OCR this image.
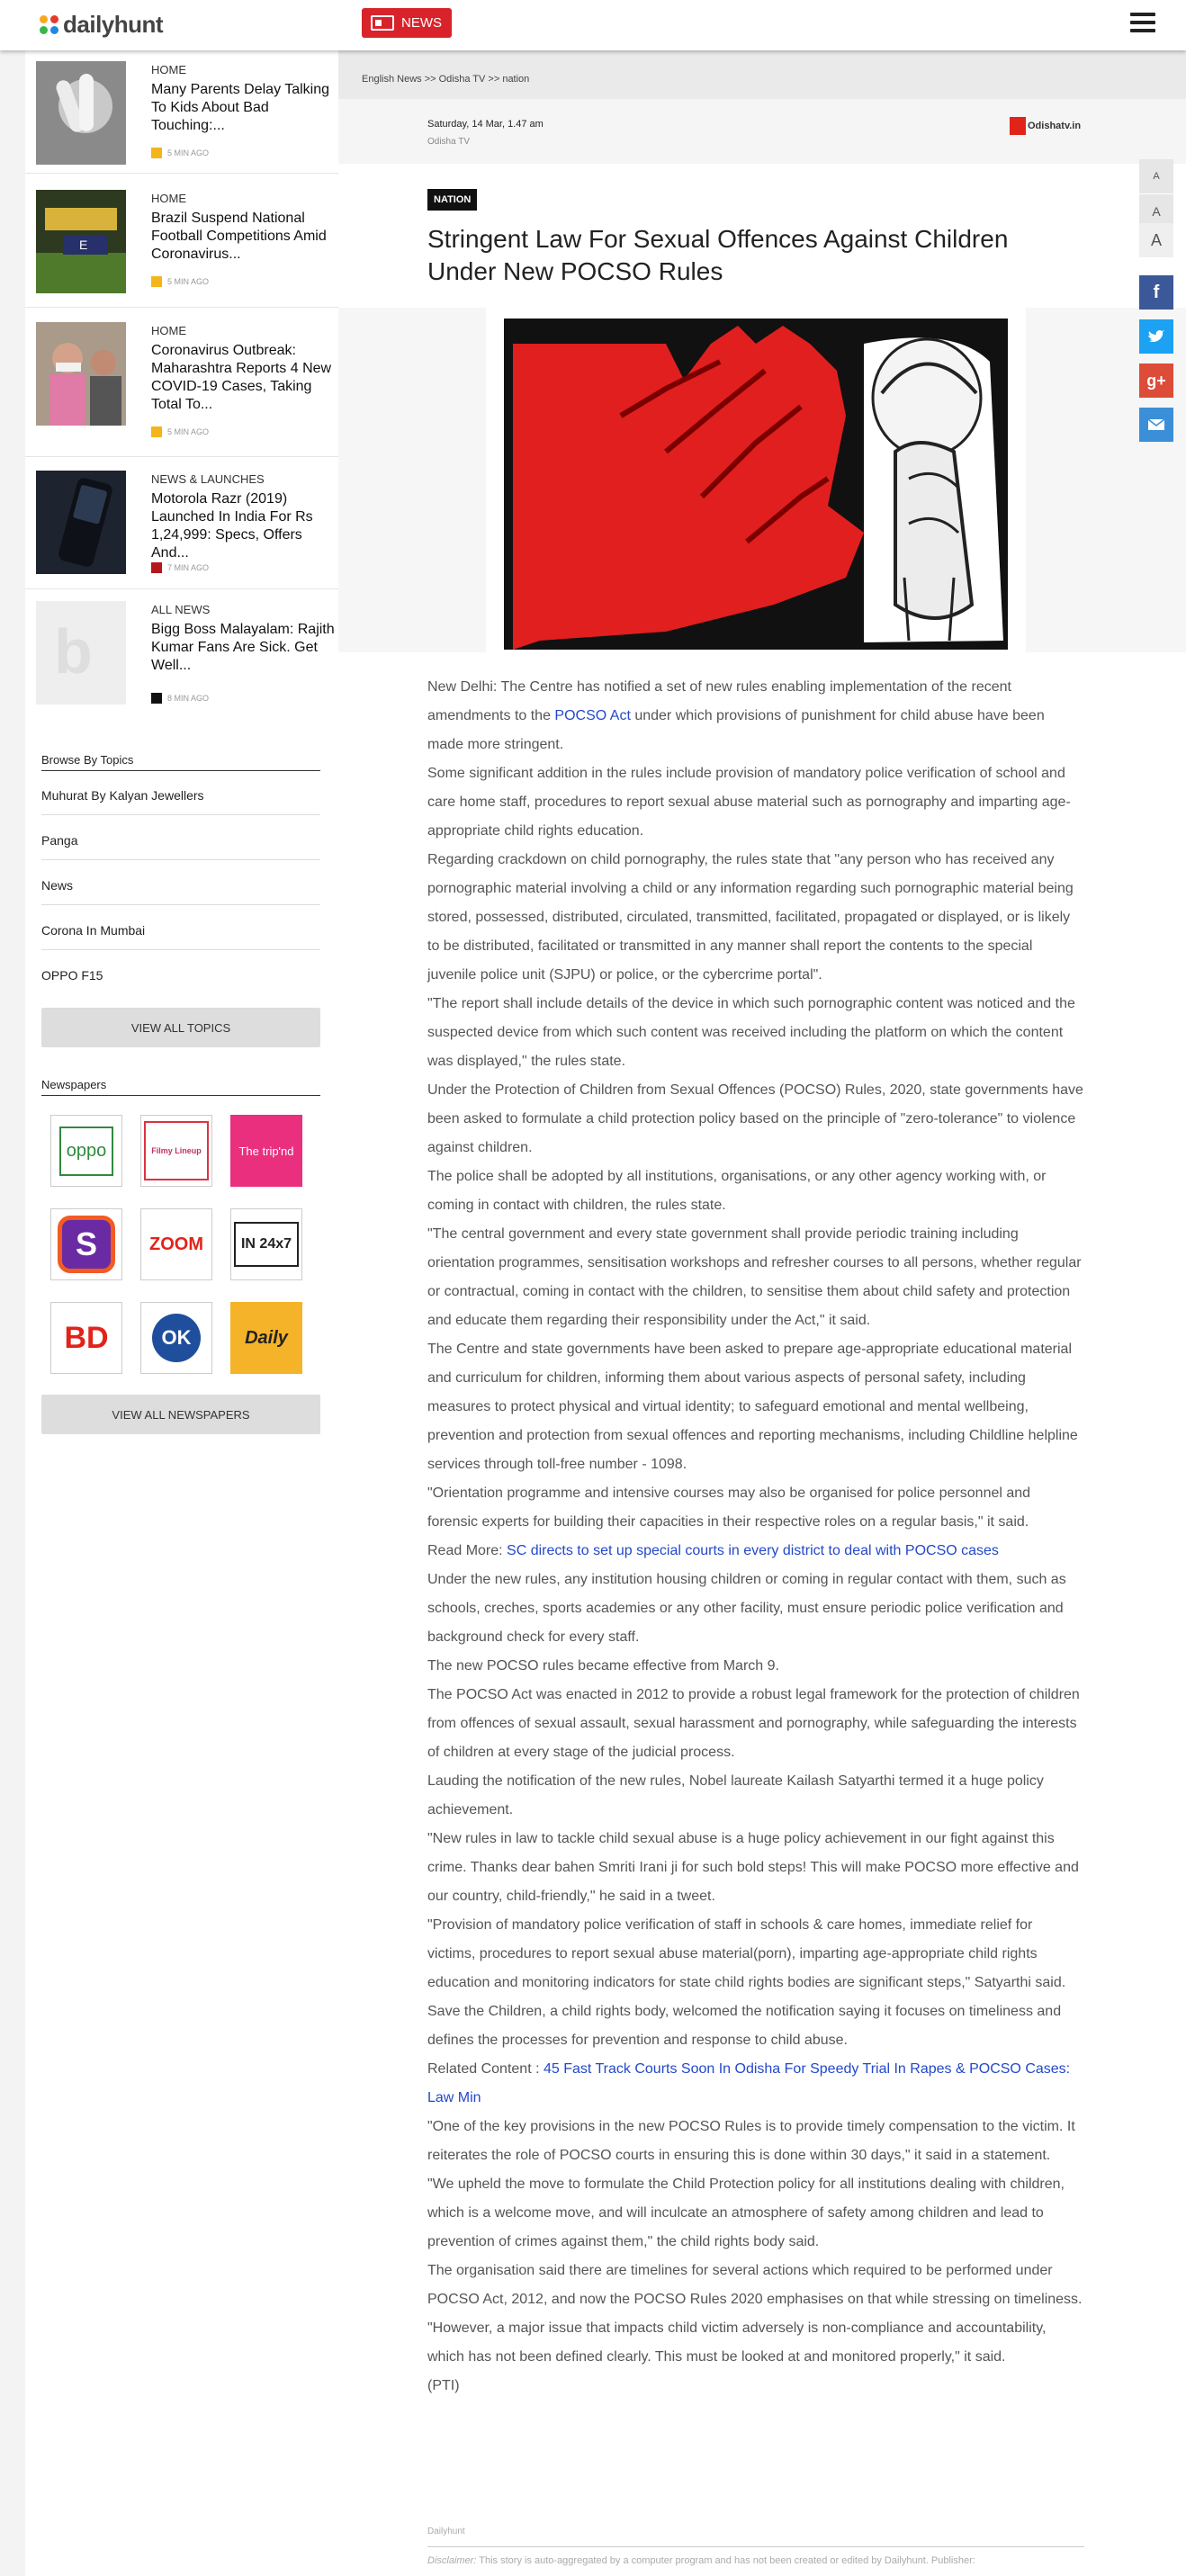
dailyhunt	NEWS
HOME
Many Parents Delay Talking To Kids About Bad Touching:...
5 MIN AGO
E
HOME
Brazil Suspend National Football Competitions Amid Coronavirus...
5 MIN AGO
HOME
Coronavirus Outbreak: Maharashtra Reports 4 New COVID-19 Cases, Taking Total To...
5 MIN AGO
NEWS & LAUNCHES
Motorola Razr (2019) Launched In India For Rs 1,24,999: Specs, Offers And...
7 MIN AGO
b
ALL NEWS
Bigg Boss Malayalam: Rajith Kumar Fans Are Sick. Get Well...
8 MIN AGO
Browse By Topics
Muhurat By Kalyan Jewellers
Panga
News
Corona In Mumbai
OPPO F15
VIEW ALL TOPICS
Newspapers
oppo	Filmy Lineup	The trip'nd
S	ZOOM	IN 24x7
BD	OK	Daily
VIEW ALL NEWSPAPERS
English News >> Odisha TV >> nation
Saturday, 14 Mar, 1.47 am
Odisha TV
Odishatv.in
NATION
Stringent Law For Sexual Offences Against Children Under New POCSO Rules

New Delhi: The Centre has notified a set of new rules enabling implementation of the recent amendments to the POCSO Act under which provisions of punishment for child abuse have been made more stringent.

Some significant addition in the rules include provision of mandatory police verification of school and care home staff, procedures to report sexual abuse material such as pornography and imparting age-appropriate child rights education.

Regarding crackdown on child pornography, the rules state that "any person who has received any pornographic material involving a child or any information regarding such pornographic material being stored, possessed, distributed, circulated, transmitted, facilitated, propagated or displayed, or is likely to be distributed, facilitated or transmitted in any manner shall report the contents to the special juvenile police unit (SJPU) or police, or the cybercrime portal".

"The report shall include details of the device in which such pornographic content was noticed and the suspected device from which such content was received including the platform on which the content was displayed," the rules state.

Under the Protection of Children from Sexual Offences (POCSO) Rules, 2020, state governments have been asked to formulate a child protection policy based on the principle of "zero-tolerance" to violence against children.

The police shall be adopted by all institutions, organisations, or any other agency working with, or coming in contact with children, the rules state.

"The central government and every state government shall provide periodic training including orientation programmes, sensitisation workshops and refresher courses to all persons, whether regular or contractual, coming in contact with the children, to sensitise them about child safety and protection and educate them regarding their responsibility under the Act," it said.

The Centre and state governments have been asked to prepare age-appropriate educational material and curriculum for children, informing them about various aspects of personal safety, including measures to protect physical and virtual identity; to safeguard emotional and mental wellbeing, prevention and protection from sexual offences and reporting mechanisms, including Childline helpline services through toll-free number - 1098.

"Orientation programme and intensive courses may also be organised for police personnel and forensic experts for building their capacities in their respective roles on a regular basis," it said.

Read More: SC directs to set up special courts in every district to deal with POCSO cases

Under the new rules, any institution housing children or coming in regular contact with them, such as schools, creches, sports academies or any other facility, must ensure periodic police verification and background check for every staff.

The new POCSO rules became effective from March 9.

The POCSO Act was enacted in 2012 to provide a robust legal framework for the protection of children from offences of sexual assault, sexual harassment and pornography, while safeguarding the interests of children at every stage of the judicial process.

Lauding the notification of the new rules, Nobel laureate Kailash Satyarthi termed it a huge policy achievement.

"New rules in law to tackle child sexual abuse is a huge policy achievement in our fight against this crime. Thanks dear bahen Smriti Irani ji for such bold steps! This will make POCSO more effective and our country, child-friendly," he said in a tweet.

"Provision of mandatory police verification of staff in schools & care homes, immediate relief for victims, procedures to report sexual abuse material(porn), imparting age-appropriate child rights education and monitoring indicators for state child rights bodies are significant steps," Satyarthi said.

Save the Children, a child rights body, welcomed the notification saying it focuses on timeliness and defines the processes for prevention and response to child abuse.

Related Content : 45 Fast Track Courts Soon In Odisha For Speedy Trial In Rapes & POCSO Cases: Law Min

"One of the key provisions in the new POCSO Rules is to provide timely compensation to the victim. It reiterates the role of POCSO courts in ensuring this is done within 30 days," it said in a statement.

"We upheld the move to formulate the Child Protection policy for all institutions dealing with children, which is a welcome move, and will inculcate an atmosphere of safety among children and lead to prevention of crimes against them," the child rights body said.

The organisation said there are timelines for several actions which required to be performed under POCSO Act, 2012, and now the POCSO Rules 2020 emphasises on that while stressing on timeliness.

"However, a major issue that impacts child victim adversely is non-compliance and accountability, which has not been defined clearly. This must be looked at and monitored properly," it said.

(PTI)

Dailyhunt
Disclaimer: This story is auto-aggregated by a computer program and has not been created or edited by Dailyhunt. Publisher:
A
A
A
f
g+
